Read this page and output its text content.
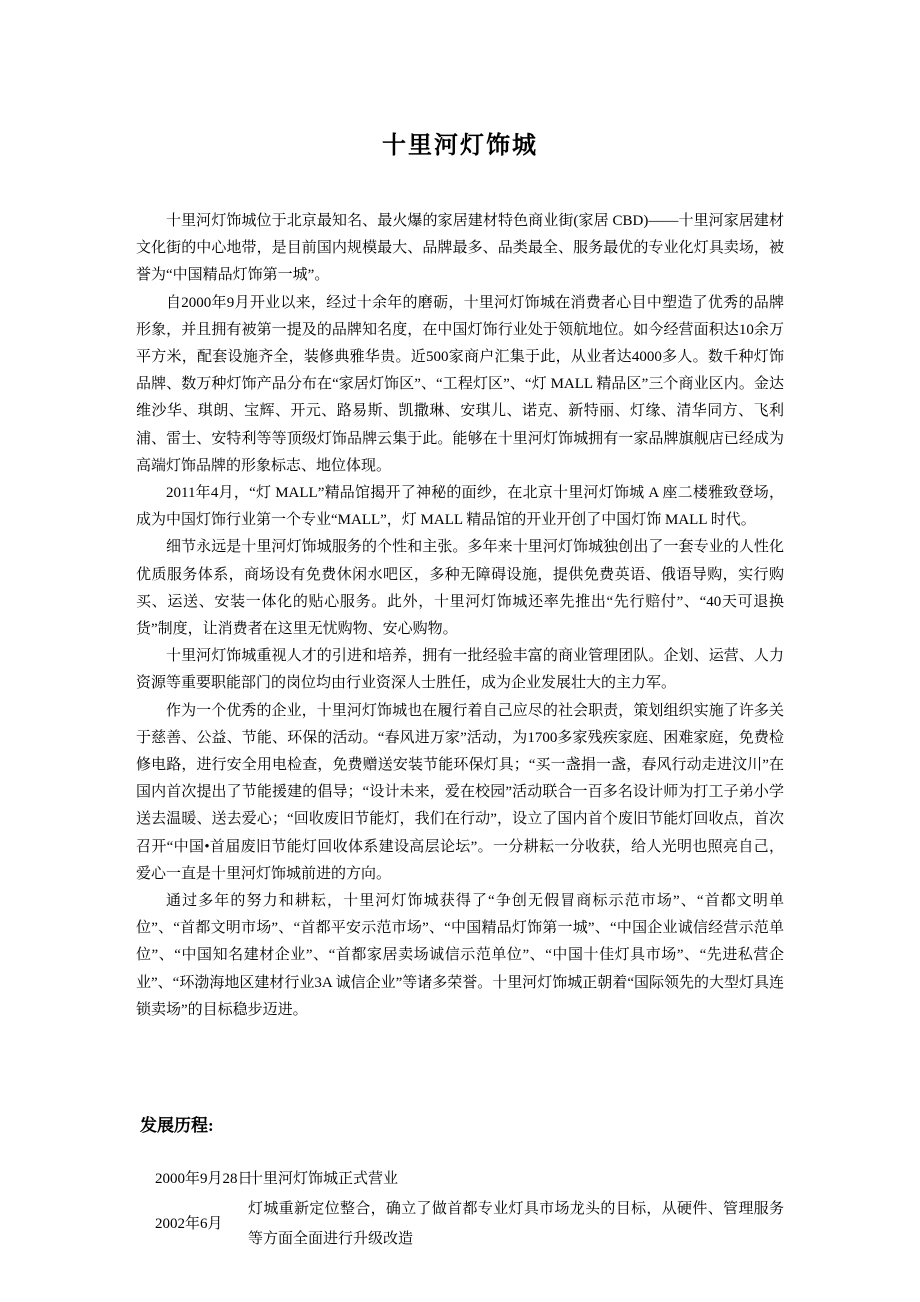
十里河灯饰城

十里河灯饰城位于北京最知名、最火爆的家居建材特色商业街(家居 CBD)——十里河家居建材文化街的中心地带，是目前国内规模最大、品牌最多、品类最全、服务最优的专业化灯具卖场，被誉为“中国精品灯饰第一城”。

自2000年9月开业以来，经过十余年的磨砺，十里河灯饰城在消费者心目中塑造了优秀的品牌形象，并且拥有被第一提及的品牌知名度，在中国灯饰行业处于领航地位。如今经营面积达10余万平方米，配套设施齐全，装修典雅华贵。近500家商户汇集于此，从业者达4000多人。数千种灯饰品牌、数万种灯饰产品分布在“家居灯饰区”、“工程灯区”、“灯 MALL 精品区”三个商业区内。金达维沙华、琪朗、宝辉、开元、路易斯、凯撒琳、安琪儿、诺克、新特丽、灯缘、清华同方、飞利浦、雷士、安特利等等顶级灯饰品牌云集于此。能够在十里河灯饰城拥有一家品牌旗舰店已经成为高端灯饰品牌的形象标志、地位体现。

2011年4月，“灯 MALL”精品馆揭开了神秘的面纱，在北京十里河灯饰城 A 座二楼雅致登场，成为中国灯饰行业第一个专业“MALL”，灯 MALL 精品馆的开业开创了中国灯饰 MALL 时代。

细节永远是十里河灯饰城服务的个性和主张。多年来十里河灯饰城独创出了一套专业的人性化优质服务体系，商场设有免费休闲水吧区，多种无障碍设施，提供免费英语、俄语导购，实行购买、运送、安装一体化的贴心服务。此外，十里河灯饰城还率先推出“先行赔付”、“40天可退换货”制度，让消费者在这里无忧购物、安心购物。

十里河灯饰城重视人才的引进和培养，拥有一批经验丰富的商业管理团队。企划、运营、人力资源等重要职能部门的岗位均由行业资深人士胜任，成为企业发展壮大的主力军。

作为一个优秀的企业，十里河灯饰城也在履行着自己应尽的社会职责，策划组织实施了许多关于慈善、公益、节能、环保的活动。“春风进万家”活动，为1700多家残疾家庭、困难家庭，免费检修电路，进行安全用电检查，免费赠送安装节能环保灯具；“买一盏捐一盏，春风行动走进汶川”在国内首次提出了节能援建的倡导；“设计未来，爱在校园”活动联合一百多名设计师为打工子弟小学送去温暖、送去爱心；“回收废旧节能灯，我们在行动”，设立了国内首个废旧节能灯回收点，首次召开“中国•首届废旧节能灯回收体系建设高层论坛”。一分耕耘一分收获，给人光明也照亮自己，爱心一直是十里河灯饰城前进的方向。

通过多年的努力和耕耘，十里河灯饰城获得了“争创无假冒商标示范市场”、“首都文明单位”、“首都文明市场”、“首都平安示范市场”、“中国精品灯饰第一城”、“中国企业诚信经营示范单位”、“中国知名建材企业”、“首都家居卖场诚信示范单位”、“中国十佳灯具市场”、“先进私营企业”、“环渤海地区建材行业3A 诚信企业”等诸多荣誉。十里河灯饰城正朝着“国际领先的大型灯具连锁卖场”的目标稳步迈进。

发展历程:
2000年9月28日
十里河灯饰城正式营业
2002年6月
灯城重新定位整合，确立了做首都专业灯具市场龙头的目标，从硬件、管理服务等方面全面进行升级改造
